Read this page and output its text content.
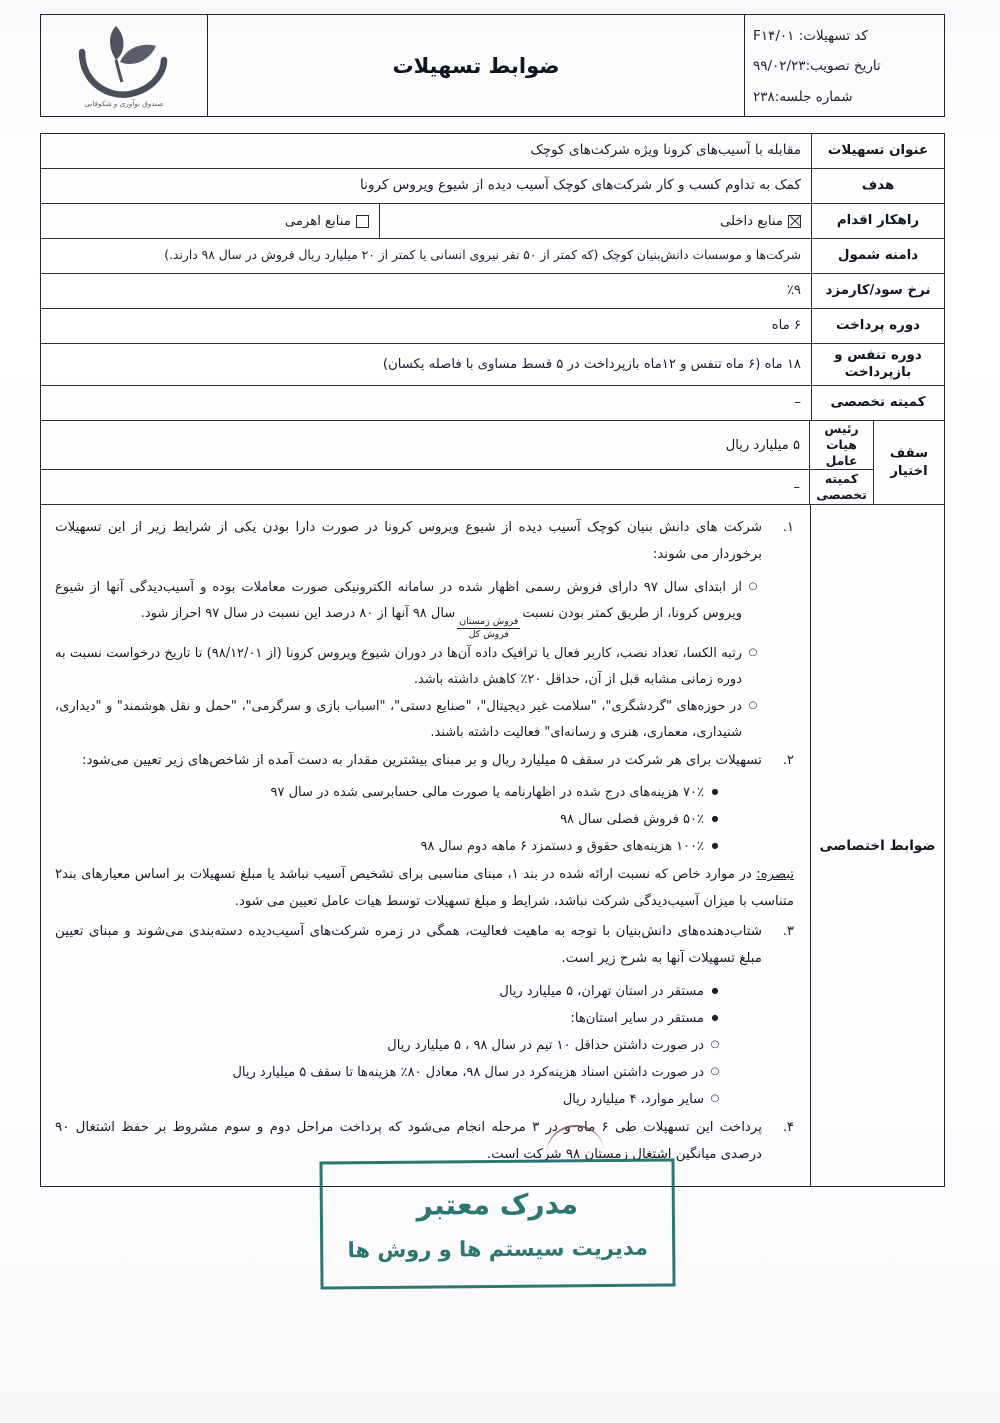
کد تسهیلات: F۱۴/۰۱
تاریخ تصویب:۹۹/۰۲/۲۳
شماره جلسه:۲۳۸
ضوابط تسهیلات
صندوق نوآوری و شکوفایی
عنوان تسهیلات
مقابله با آسیب‌های کرونا ویژه شرکت‌های کوچک
هدف
کمک به تداوم کسب و کار شرکت‌های کوچک آسیب دیده از شیوع ویروس کرونا
راهکار اقدام
منابع داخلی
منابع اهرمی
دامنه شمول
شرکت‌ها و موسسات دانش‌بنیان کوچک (که کمتر از ۵۰ نفر نیروی انسانی یا کمتر از ۲۰ میلیارد ریال فروش در سال ۹۸ دارند.)
نرخ سود/کارمزد
٪۹
دوره پرداخت
۶ ماه
دوره تنفس و بازپرداخت
۱۸ ماه (۶ ماه تنفس و ۱۲ماه بازپرداخت در ۵ قسط مساوی با فاصله یکسان)
کمیته تخصصی
–
سقف اختیار
رئیس هیات عامل
۵ میلیارد ریال
کمیته تخصصی
–
ضوابط اختصاصی
۱.
شرکت های دانش بنیان کوچک آسیب دیده از شیوع ویروس کرونا در صورت دارا بودن یکی از شرایط زیر از این تسهیلات برخوردار می شوند:
○
از ابتدای سال ۹۷ دارای فروش رسمی اظهار شده در سامانه الکترونیکی صورت معاملات بوده و آسیب‌دیدگی آنها از شیوع ویروس کرونا، از طریق کمتر بودن نسبت
$\frac{\text{فروش زمستان}}{\text{فروش کل}}$
سال ۹۸ آنها از ۸۰ درصد این نسبت در سال ۹۷ احراز شود.
○
رتبه الکسا، تعداد نصب، کاربر فعال یا ترافیک داده آن‌ها در دوران شیوع ویروس کرونا (از ۹۸/۱۲/۰۱) تا تاریخ درخواست نسبت به دوره زمانی مشابه قبل از آن، حداقل ۲۰٪ کاهش داشته باشد.
○
در حوزه‌های "گردشگری"، "سلامت غیر دیجیتال"، "صنایع دستی"، "اسباب بازی و سرگرمی"، "حمل و نقل هوشمند" و "دیداری، شنیداری، معماری، هنری و رسانه‌ای" فعالیت داشته باشند.
۲.
تسهیلات برای هر شرکت در سقف ۵ میلیارد ریال و بر مبنای بیشترین مقدار به دست آمده از شاخص‌های زیر تعیین می‌شود:
●
۷۰٪ هزینه‌های درج شده در اظهارنامه یا صورت مالی حسابرسی شده در سال ۹۷
●
۵۰٪ فروش فصلی سال ۹۸
●
۱۰۰٪ هزینه‌های حقوق و دستمزد ۶ ماهه دوم سال ۹۸
تبصره: در موارد خاص که نسبت ارائه شده در بند ۱، مبنای مناسبی برای تشخیص آسیب نباشد یا مبلغ تسهیلات بر اساس معیارهای بند۲ متناسب با میزان آسیب‌دیدگی شرکت نباشد، شرایط و مبلغ تسهیلات توسط هیات عامل تعیین می شود.
۳.
شتاب‌دهنده‌های دانش‌بنیان با توجه به ماهیت فعالیت، همگی در زمره شرکت‌های آسیب‌دیده دسته‌بندی می‌شوند و مبنای تعیین مبلغ تسهیلات آنها به شرح زیر است.
●
مستقر در استان تهران، ۵ میلیارد ریال
●
مستقر در سایر استان‌ها:
○
در صورت داشتن حداقل ۱۰ تیم در سال ۹۸ ، ۵ میلیارد ریال
○
در صورت داشتن اسناد هزینه‌کرد در سال ۹۸، معادل ۸۰٪ هزینه‌ها تا سقف ۵ میلیارد ریال
○
سایر موارد، ۴ میلیارد ریال
۴.
پرداخت این تسهیلات طی ۶ ماه و در ۳ مرحله انجام می‌شود که پرداخت مراحل دوم و سوم مشروط بر حفظ اشتغال ۹۰ درصدی میانگین اشتغال زمستان ۹۸ شرکت است.
مدرک معتبر
مدیریت سیستم ها و روش ها
